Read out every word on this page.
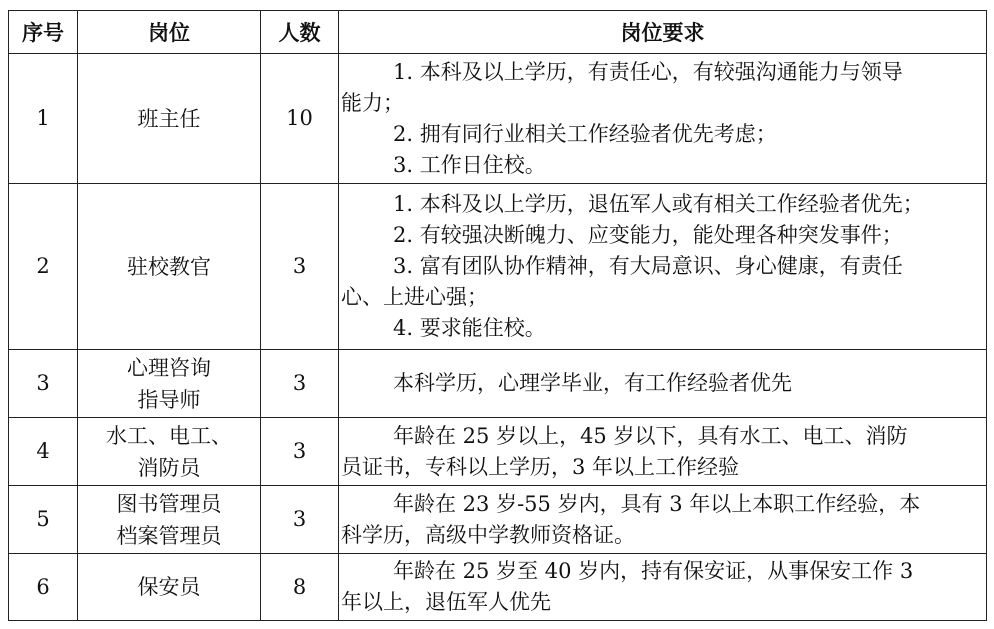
序号	岗位	人数	岗位要求
1	班主任	10	1. 本科及以上学历，有责任心，有较强沟通能力与领导
能力；
2. 拥有同行业相关工作经验者优先考虑；
3. 工作日住校。

2	驻校教官	3	1. 本科及以上学历，退伍军人或有相关工作经验者优先；
2. 有较强决断魄力、应变能力，能处理各种突发事件；
3. 富有团队协作精神，有大局意识、身心健康，有责任
心、上进心强；
4. 要求能住校。

3	心理咨询
指导师	3	本科学历，心理学毕业，有工作经验者优先

4	水工、电工、
消防员	3	年龄在 25 岁以上，45 岁以下，具有水工、电工、消防
员证书，专科以上学历，3 年以上工作经验

5	图书管理员
档案管理员	3	年龄在 23 岁-55 岁内，具有 3 年以上本职工作经验，本
科学历，高级中学教师资格证。

6	保安员	8	年龄在 25 岁至 40 岁内，持有保安证，从事保安工作 3
年以上，退伍军人优先
